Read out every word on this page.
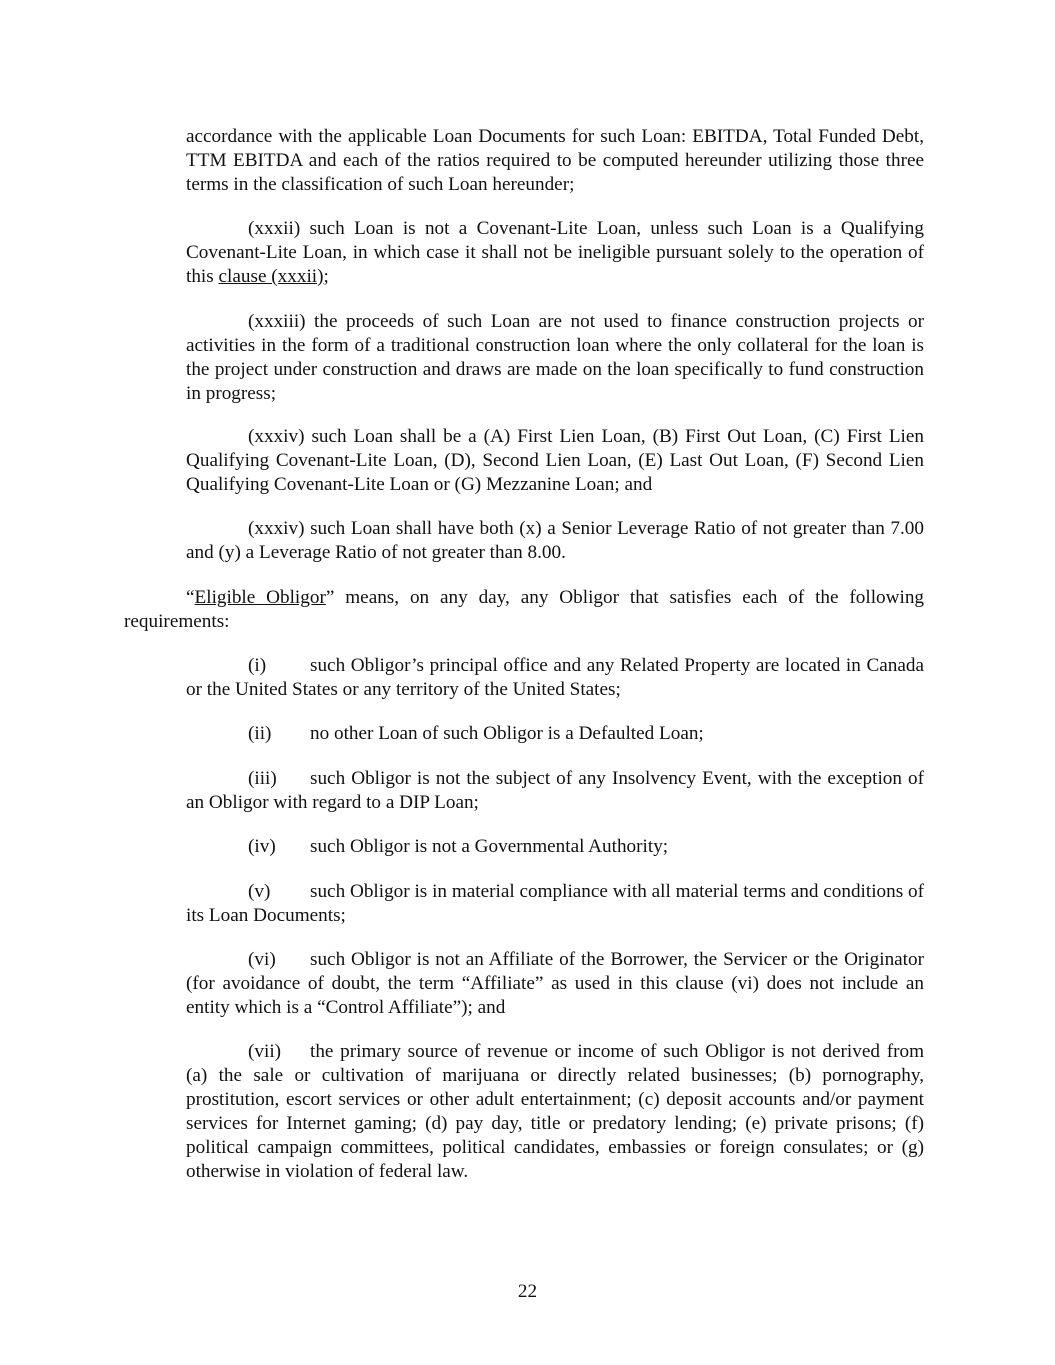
accordance with the applicable Loan Documents for such Loan: EBITDA, Total Funded Debt, TTM EBITDA and each of the ratios required to be computed hereunder utilizing those three terms in the classification of such Loan hereunder;

(xxxii) such Loan is not a Covenant-Lite Loan, unless such Loan is a Qualifying Covenant-Lite Loan, in which case it shall not be ineligible pursuant solely to the operation of this clause (xxxii);

(xxxiii) the proceeds of such Loan are not used to finance construction projects or activities in the form of a traditional construction loan where the only collateral for the loan is the project under construction and draws are made on the loan specifically to fund construction in progress;

(xxxiv) such Loan shall be a (A) First Lien Loan, (B) First Out Loan, (C) First Lien Qualifying Covenant-Lite Loan, (D), Second Lien Loan, (E) Last Out Loan, (F) Second Lien Qualifying Covenant-Lite Loan or (G) Mezzanine Loan; and

(xxxiv) such Loan shall have both (x) a Senior Leverage Ratio of not greater than 7.00 and (y) a Leverage Ratio of not greater than 8.00.

“Eligible Obligor” means, on any day, any Obligor that satisfies each of the following requirements:

(i) such Obligor’s principal office and any Related Property are located in Canada or the United States or any territory of the United States;

(ii) no other Loan of such Obligor is a Defaulted Loan;

(iii) such Obligor is not the subject of any Insolvency Event, with the exception of an Obligor with regard to a DIP Loan;

(iv) such Obligor is not a Governmental Authority;

(v) such Obligor is in material compliance with all material terms and conditions of its Loan Documents;

(vi) such Obligor is not an Affiliate of the Borrower, the Servicer or the Originator (for avoidance of doubt, the term “Affiliate” as used in this clause (vi) does not include an entity which is a “Control Affiliate”); and

(vii) the primary source of revenue or income of such Obligor is not derived from (a) the sale or cultivation of marijuana or directly related businesses; (b) pornography, prostitution, escort services or other adult entertainment; (c) deposit accounts and/or payment services for Internet gaming; (d) pay day, title or predatory lending; (e) private prisons; (f) political campaign committees, political candidates, embassies or foreign consulates; or (g) otherwise in violation of federal law.

22
